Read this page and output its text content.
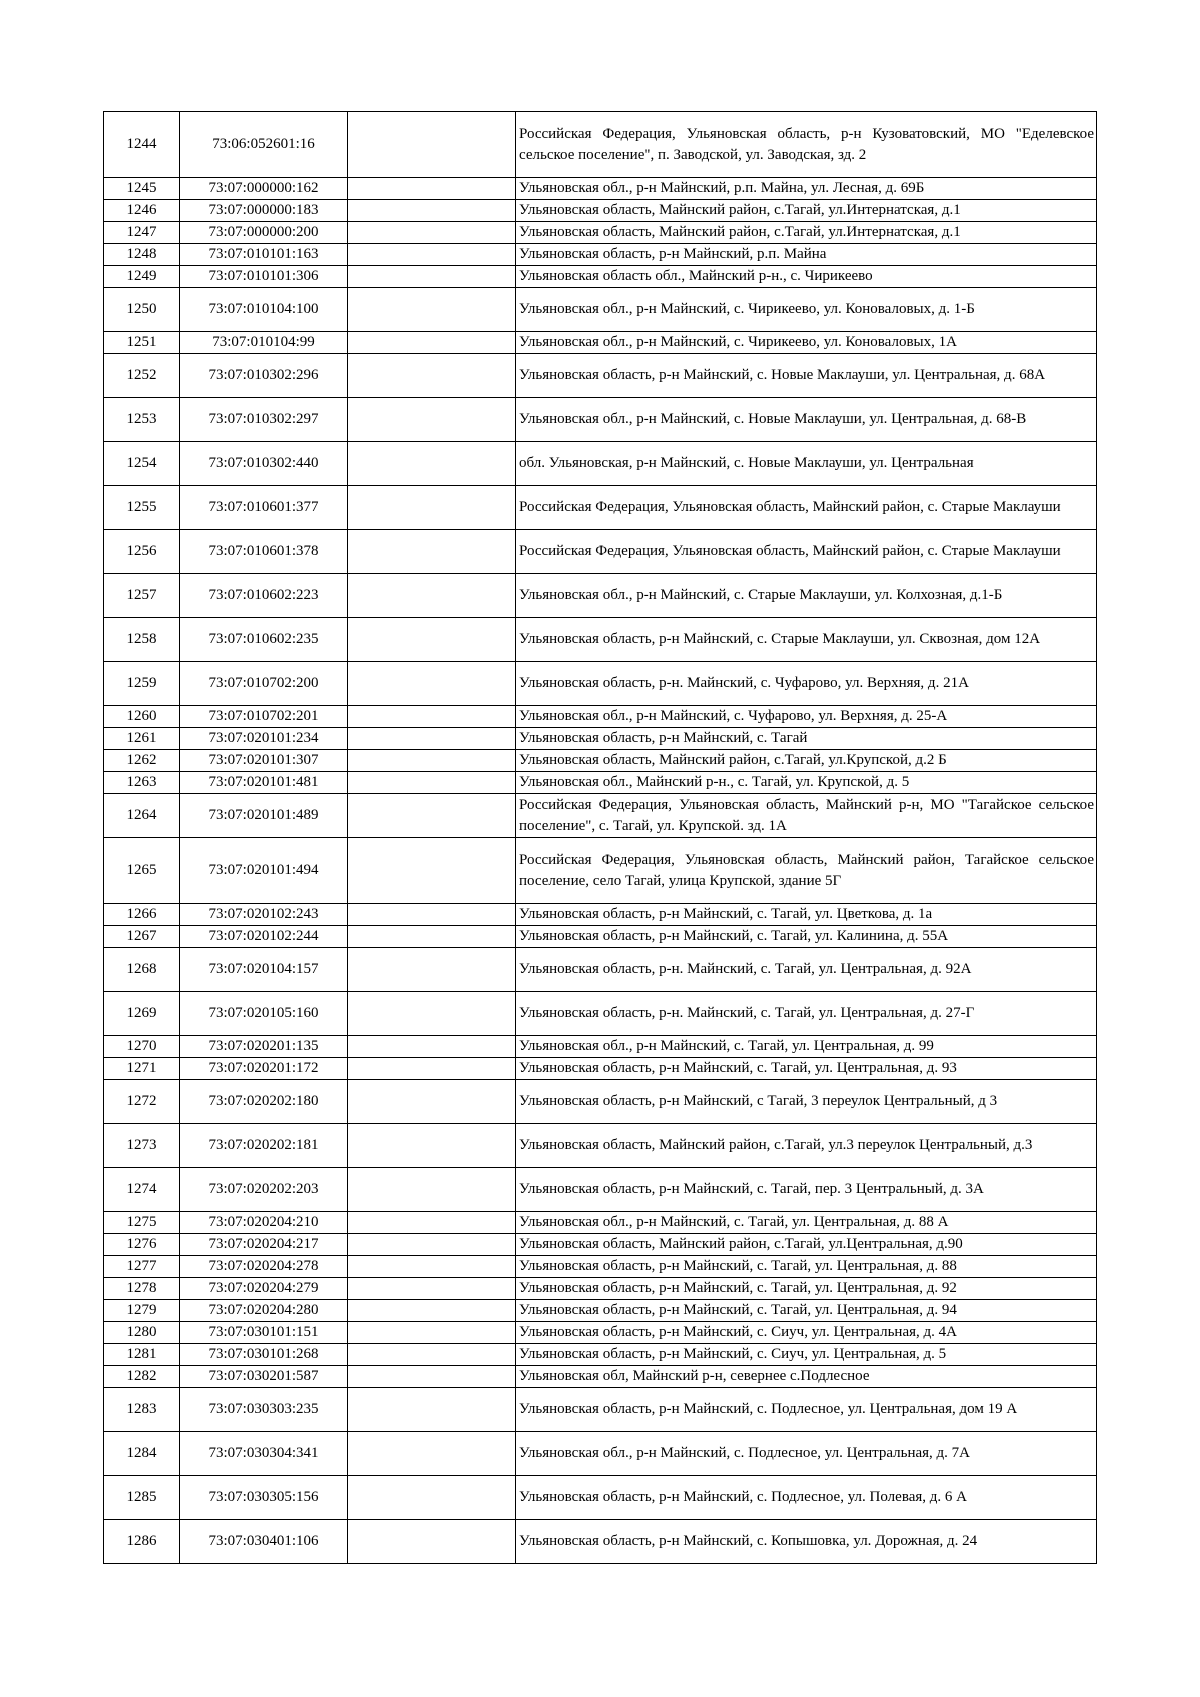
1244	73:06:052601:16		Российская Федерация, Ульяновская область, р-н Кузоватовский, МО "Еделевское сельское поселение", п. Заводской, ул. Заводская, зд. 2
1245	73:07:000000:162		Ульяновская обл., р-н Майнский, р.п. Майна, ул. Лесная, д. 69Б
1246	73:07:000000:183		Ульяновская область, Майнский район, с.Тагай, ул.Интернатская, д.1
1247	73:07:000000:200		Ульяновская область, Майнский район, с.Тагай, ул.Интернатская, д.1
1248	73:07:010101:163		Ульяновская область, р-н Майнский, р.п. Майна
1249	73:07:010101:306		Ульяновская область обл., Майнский р-н., с. Чирикеево
1250	73:07:010104:100		Ульяновская обл., р-н Майнский, с. Чирикеево, ул. Коноваловых, д. 1-Б
1251	73:07:010104:99		Ульяновская обл., р-н Майнский, с. Чирикеево, ул. Коноваловых, 1А
1252	73:07:010302:296		Ульяновская область, р-н Майнский, с. Новые Маклауши, ул. Центральная, д. 68А
1253	73:07:010302:297		Ульяновская обл., р-н Майнский, с. Новые Маклауши, ул. Центральная, д. 68-В
1254	73:07:010302:440		обл. Ульяновская, р-н Майнский, с. Новые Маклауши, ул. Центральная
1255	73:07:010601:377		Российская Федерация, Ульяновская область, Майнский район, с. Старые Маклауши
1256	73:07:010601:378		Российская Федерация, Ульяновская область, Майнский район, с. Старые Маклауши
1257	73:07:010602:223		Ульяновская обл., р-н Майнский, с. Старые Маклауши, ул. Колхозная, д.1-Б
1258	73:07:010602:235		Ульяновская область, р-н Майнский, с. Старые Маклауши, ул. Сквозная, дом 12А
1259	73:07:010702:200		Ульяновская область, р-н. Майнский, с. Чуфарово, ул. Верхняя, д. 21А
1260	73:07:010702:201		Ульяновская обл., р-н Майнский, с. Чуфарово, ул. Верхняя, д. 25-А
1261	73:07:020101:234		Ульяновская область, р-н Майнский, с. Тагай
1262	73:07:020101:307		Ульяновская область, Майнский район, с.Тагай, ул.Крупской, д.2 Б
1263	73:07:020101:481		Ульяновская обл., Майнский р-н., с. Тагай, ул. Крупской, д. 5
1264	73:07:020101:489		Российская Федерация, Ульяновская область, Майнский р-н, МО "Тагайское сельское поселение", с. Тагай, ул. Крупской. зд. 1А
1265	73:07:020101:494		Российская Федерация, Ульяновская область, Майнский район, Тагайское сельское поселение, село Тагай, улица Крупской, здание 5Г
1266	73:07:020102:243		Ульяновская область, р-н Майнский, с. Тагай, ул. Цветкова, д. 1а
1267	73:07:020102:244		Ульяновская область, р-н Майнский, с. Тагай, ул. Калинина, д. 55А
1268	73:07:020104:157		Ульяновская область, р-н. Майнский, с. Тагай, ул. Центральная, д. 92А
1269	73:07:020105:160		Ульяновская область, р-н. Майнский, с. Тагай, ул. Центральная, д. 27-Г
1270	73:07:020201:135		Ульяновская обл., р-н Майнский, с. Тагай, ул. Центральная, д. 99
1271	73:07:020201:172		Ульяновская область, р-н Майнский, с. Тагай, ул. Центральная, д. 93
1272	73:07:020202:180		Ульяновская область, р-н Майнский, с Тагай, 3 переулок Центральный, д 3
1273	73:07:020202:181		Ульяновская область, Майнский район, с.Тагай, ул.3 переулок Центральный, д.3
1274	73:07:020202:203		Ульяновская область, р-н Майнский, с. Тагай, пер. 3 Центральный, д. 3А
1275	73:07:020204:210		Ульяновская обл., р-н Майнский, с. Тагай, ул. Центральная, д. 88 А
1276	73:07:020204:217		Ульяновская область, Майнский район, с.Тагай, ул.Центральная, д.90
1277	73:07:020204:278		Ульяновская область, р-н Майнский, с. Тагай, ул. Центральная, д. 88
1278	73:07:020204:279		Ульяновская область, р-н Майнский, с. Тагай, ул. Центральная, д. 92
1279	73:07:020204:280		Ульяновская область, р-н Майнский, с. Тагай, ул. Центральная, д. 94
1280	73:07:030101:151		Ульяновская область, р-н Майнский, с. Сиуч, ул. Центральная, д. 4А
1281	73:07:030101:268		Ульяновская область, р-н Майнский, с. Сиуч, ул. Центральная, д. 5
1282	73:07:030201:587		Ульяновская обл, Майнский р-н, севернее с.Подлесное
1283	73:07:030303:235		Ульяновская область, р-н Майнский, с. Подлесное, ул. Центральная, дом 19 А
1284	73:07:030304:341		Ульяновская обл., р-н Майнский, с. Подлесное, ул. Центральная, д. 7А
1285	73:07:030305:156		Ульяновская область, р-н Майнский, с. Подлесное, ул. Полевая, д. 6 А
1286	73:07:030401:106		Ульяновская область, р-н Майнский, с. Копышовка, ул. Дорожная, д. 24
